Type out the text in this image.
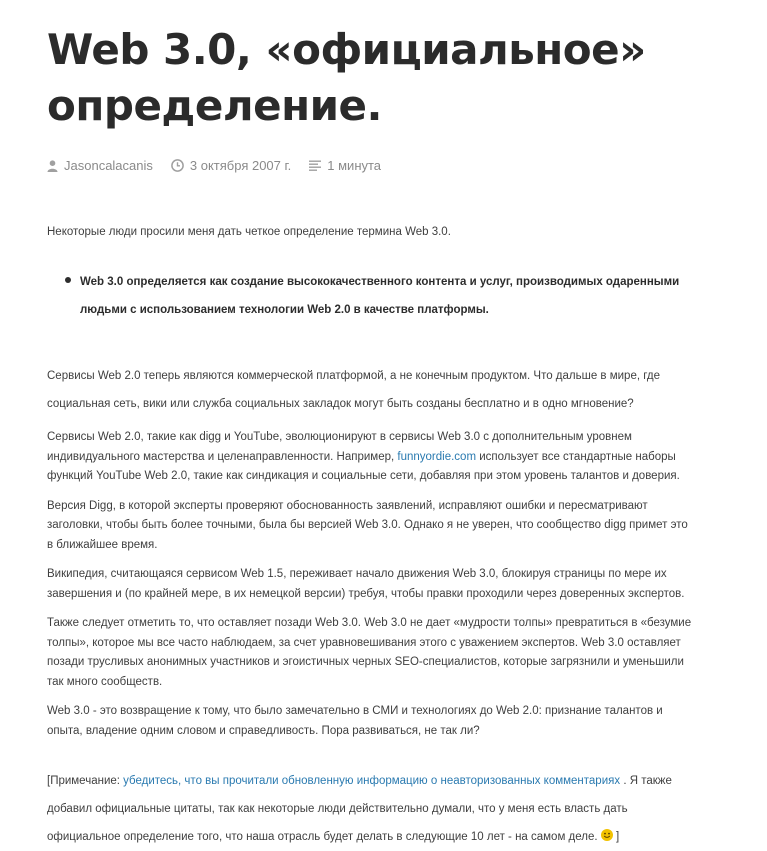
Web 3.0, «официальное» определение.
Jasoncalacanis	3 октября 2007 г.	1 минута

Некоторые люди просили меня дать четкое определение термина Web 3.0.

Web 3.0 определяется как создание высококачественного контента и услуг, производимых одаренными людьми с использованием технологии Web 2.0 в качестве платформы.

Сервисы Web 2.0 теперь являются коммерческой платформой, а не конечным продуктом. Что дальше в мире, где социальная сеть, вики или служба социальных закладок могут быть созданы бесплатно и в одно мгновение?

Сервисы Web 2.0, такие как digg и YouTube, эволюционируют в сервисы Web 3.0 с дополнительным уровнем индивидуального мастерства и целенаправленности. Например, funnyordie.com использует все стандартные наборы функций YouTube Web 2.0, такие как синдикация и социальные сети, добавляя при этом уровень талантов и доверия.

Версия Digg, в которой эксперты проверяют обоснованность заявлений, исправляют ошибки и пересматривают заголовки, чтобы быть более точными, была бы версией Web 3.0. Однако я не уверен, что сообщество digg примет это в ближайшее время.

Википедия, считающаяся сервисом Web 1.5, переживает начало движения Web 3.0, блокируя страницы по мере их завершения и (по крайней мере, в их немецкой версии) требуя, чтобы правки проходили через доверенных экспертов.

Также следует отметить то, что оставляет позади Web 3.0. Web 3.0 не дает «мудрости толпы» превратиться в «безумие толпы», которое мы все часто наблюдаем, за счет уравновешивания этого с уважением экспертов. Web 3.0 оставляет позади трусливых анонимных участников и эгоистичных черных SEO-специалистов, которые загрязнили и уменьшили так много сообществ.

Web 3.0 - это возвращение к тому, что было замечательно в СМИ и технологиях до Web 2.0: признание талантов и опыта, владение одним словом и справедливость. Пора развиваться, не так ли?

[Примечание: убедитесь, что вы прочитали обновленную информацию о неавторизованных комментариях . Я также добавил официальные цитаты, так как некоторые люди действительно думали, что у меня есть власть дать официальное определение того, что наша отрасль будет делать в следующие 10 лет - на самом деле. ]
